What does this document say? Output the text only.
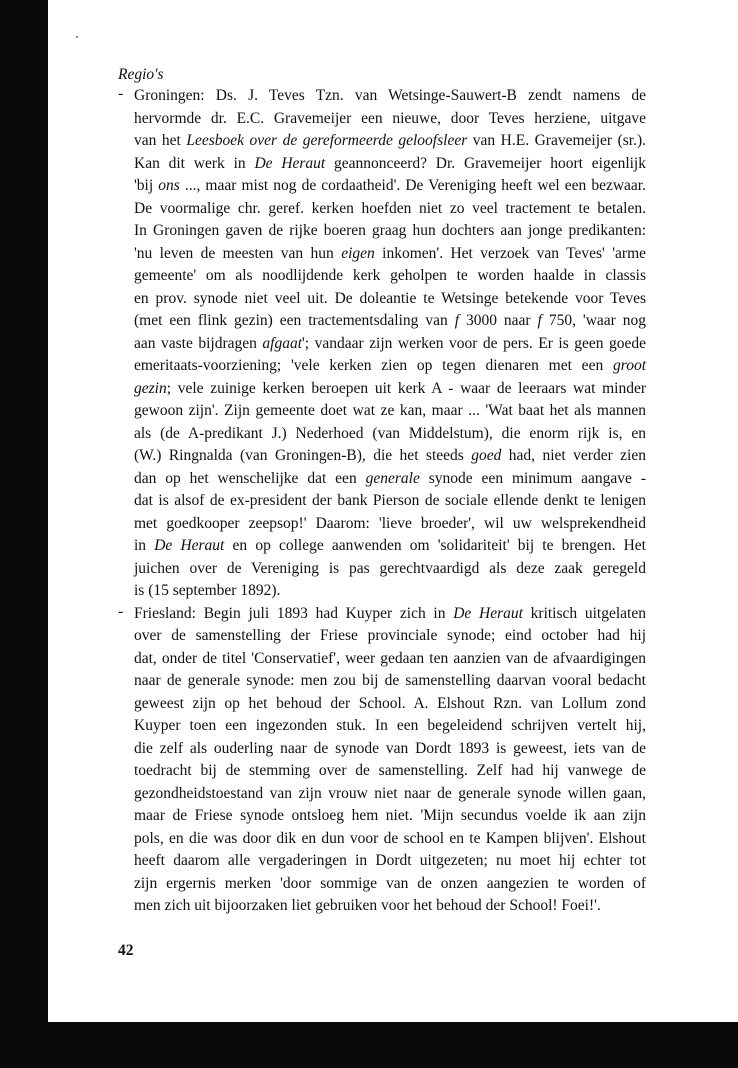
Regio's
- Groningen: Ds. J. Teves Tzn. van Wetsinge-Sauwert-B zendt namens de
hervormde dr. E.C. Gravemeijer een nieuwe, door Teves herziene, uitgave
van het Leesboek over de gereformeerde geloofsleer van H.E. Gravemeijer (sr.).
Kan dit werk in De Heraut geannonceerd? Dr. Gravemeijer hoort eigenlijk
'bij ons ..., maar mist nog de cordaatheid'. De Vereniging heeft wel een bezwaar.
De voormalige chr. geref. kerken hoefden niet zo veel tractement te betalen.
In Groningen gaven de rijke boeren graag hun dochters aan jonge predikanten:
'nu leven de meesten van hun eigen inkomen'. Het verzoek van Teves' 'arme
gemeente' om als noodlijdende kerk geholpen te worden haalde in classis
en prov. synode niet veel uit. De doleantie te Wetsinge betekende voor Teves
(met een flink gezin) een tractementsdaling van f 3000 naar f 750, 'waar nog
aan vaste bijdragen afgaat'; vandaar zijn werken voor de pers. Er is geen goede
emeritaats-voorziening; 'vele kerken zien op tegen dienaren met een groot
gezin; vele zuinige kerken beroepen uit kerk A - waar de leeraars wat minder
gewoon zijn'. Zijn gemeente doet wat ze kan, maar ... 'Wat baat het als mannen
als (de A-predikant J.) Nederhoed (van Middelstum), die enorm rijk is, en
(W.) Ringnalda (van Groningen-B), die het steeds goed had, niet verder zien
dan op het wenschelijke dat een generale synode een minimum aangave -
dat is alsof de ex-president der bank Pierson de sociale ellende denkt te lenigen
met goedkooper zeepsop!' Daarom: 'lieve broeder', wil uw welsprekendheid
in De Heraut en op college aanwenden om 'solidariteit' bij te brengen. Het
juichen over de Vereniging is pas gerechtvaardigd als deze zaak geregeld
is (15 september 1892).
- Friesland: Begin juli 1893 had Kuyper zich in De Heraut kritisch uitgelaten
over de samenstelling der Friese provinciale synode; eind october had hij
dat, onder de titel 'Conservatief', weer gedaan ten aanzien van de afvaardigingen
naar de generale synode: men zou bij de samenstelling daarvan vooral bedacht
geweest zijn op het behoud der School. A. Elshout Rzn. van Lollum zond
Kuyper toen een ingezonden stuk. In een begeleidend schrijven vertelt hij,
die zelf als ouderling naar de synode van Dordt 1893 is geweest, iets van de
toedracht bij de stemming over de samenstelling. Zelf had hij vanwege de
gezondheidstoestand van zijn vrouw niet naar de generale synode willen gaan,
maar de Friese synode ontsloeg hem niet. 'Mijn secundus voelde ik aan zijn
pols, en die was door dik en dun voor de school en te Kampen blijven'. Elshout
heeft daarom alle vergaderingen in Dordt uitgezeten; nu moet hij echter tot
zijn ergernis merken 'door sommige van de onzen aangezien te worden of
men zich uit bijoorzaken liet gebruiken voor het behoud der School! Foei!'.
42
